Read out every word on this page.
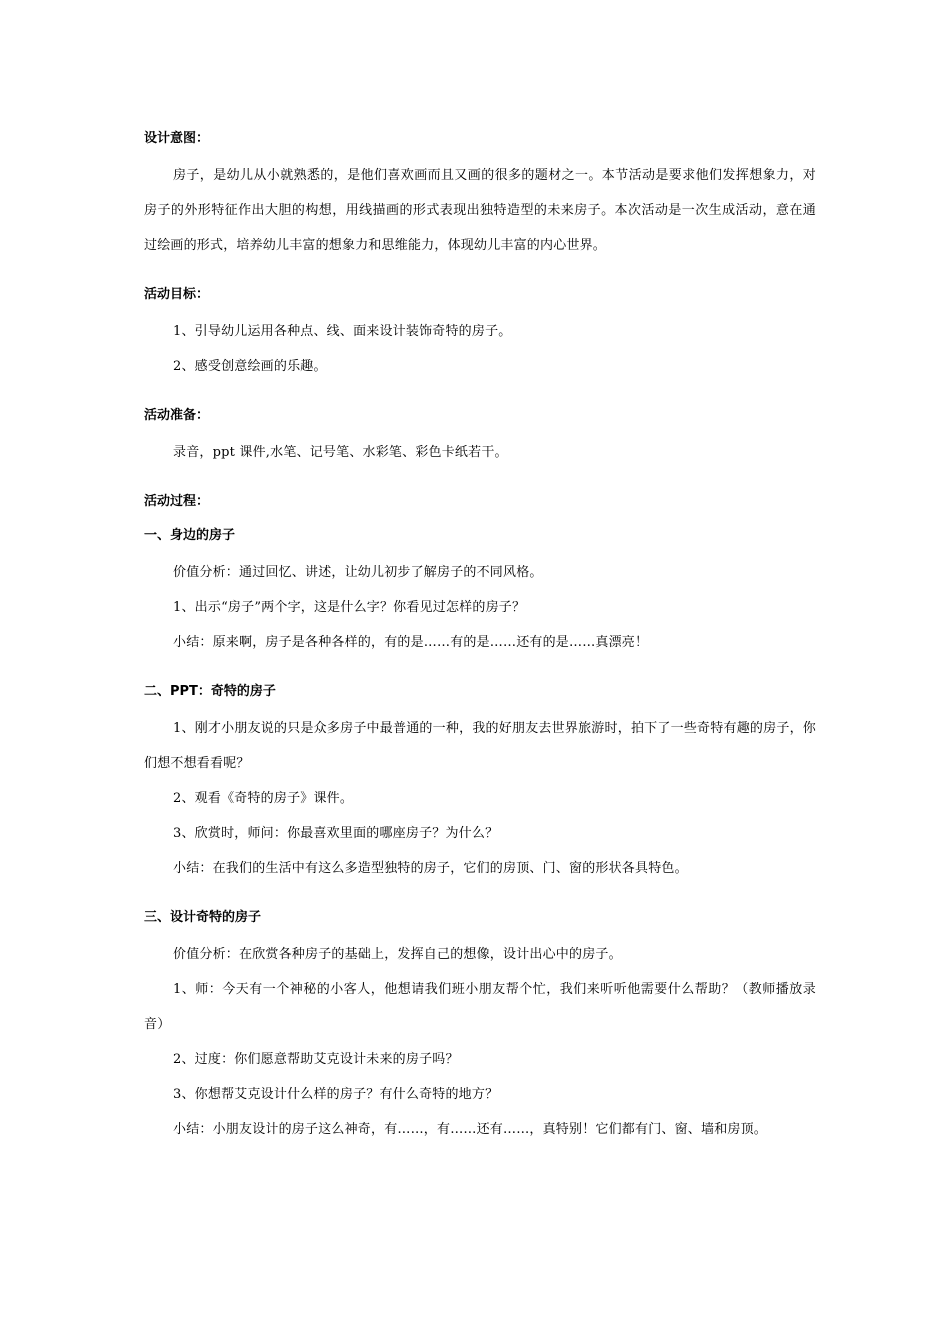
设计意图：

房子，是幼儿从小就熟悉的，是他们喜欢画而且又画的很多的题材之一。本节活动是要求他们发挥想象力，对房子的外形特征作出大胆的构想，用线描画的形式表现出独特造型的未来房子。本次活动是一次生成活动，意在通过绘画的形式，培养幼儿丰富的想象力和思维能力，体现幼儿丰富的内心世界。

活动目标：

1、引导幼儿运用各种点、线、面来设计装饰奇特的房子。

2、感受创意绘画的乐趣。

活动准备：

录音，ppt 课件,水笔、记号笔、水彩笔、彩色卡纸若干。

活动过程：

一、身边的房子

价值分析：通过回忆、讲述，让幼儿初步了解房子的不同风格。

1、出示“房子”两个字，这是什么字？你看见过怎样的房子？

小结：原来啊，房子是各种各样的，有的是……有的是……还有的是……真漂亮！

二、PPT：奇特的房子

1、刚才小朋友说的只是众多房子中最普通的一种，我的好朋友去世界旅游时，拍下了一些奇特有趣的房子，你们想不想看看呢？

2、观看《奇特的房子》课件。

3、欣赏时，师问：你最喜欢里面的哪座房子？为什么？

小结：在我们的生活中有这么多造型独特的房子，它们的房顶、门、窗的形状各具特色。

三、设计奇特的房子

价值分析：在欣赏各种房子的基础上，发挥自己的想像，设计出心中的房子。

1、师：今天有一个神秘的小客人，他想请我们班小朋友帮个忙，我们来听听他需要什么帮助？（教师播放录音）

2、过度：你们愿意帮助艾克设计未来的房子吗？

3、你想帮艾克设计什么样的房子？有什么奇特的地方？

小结：小朋友设计的房子这么神奇，有……，有……还有……，真特别！它们都有门、窗、墙和房顶。
